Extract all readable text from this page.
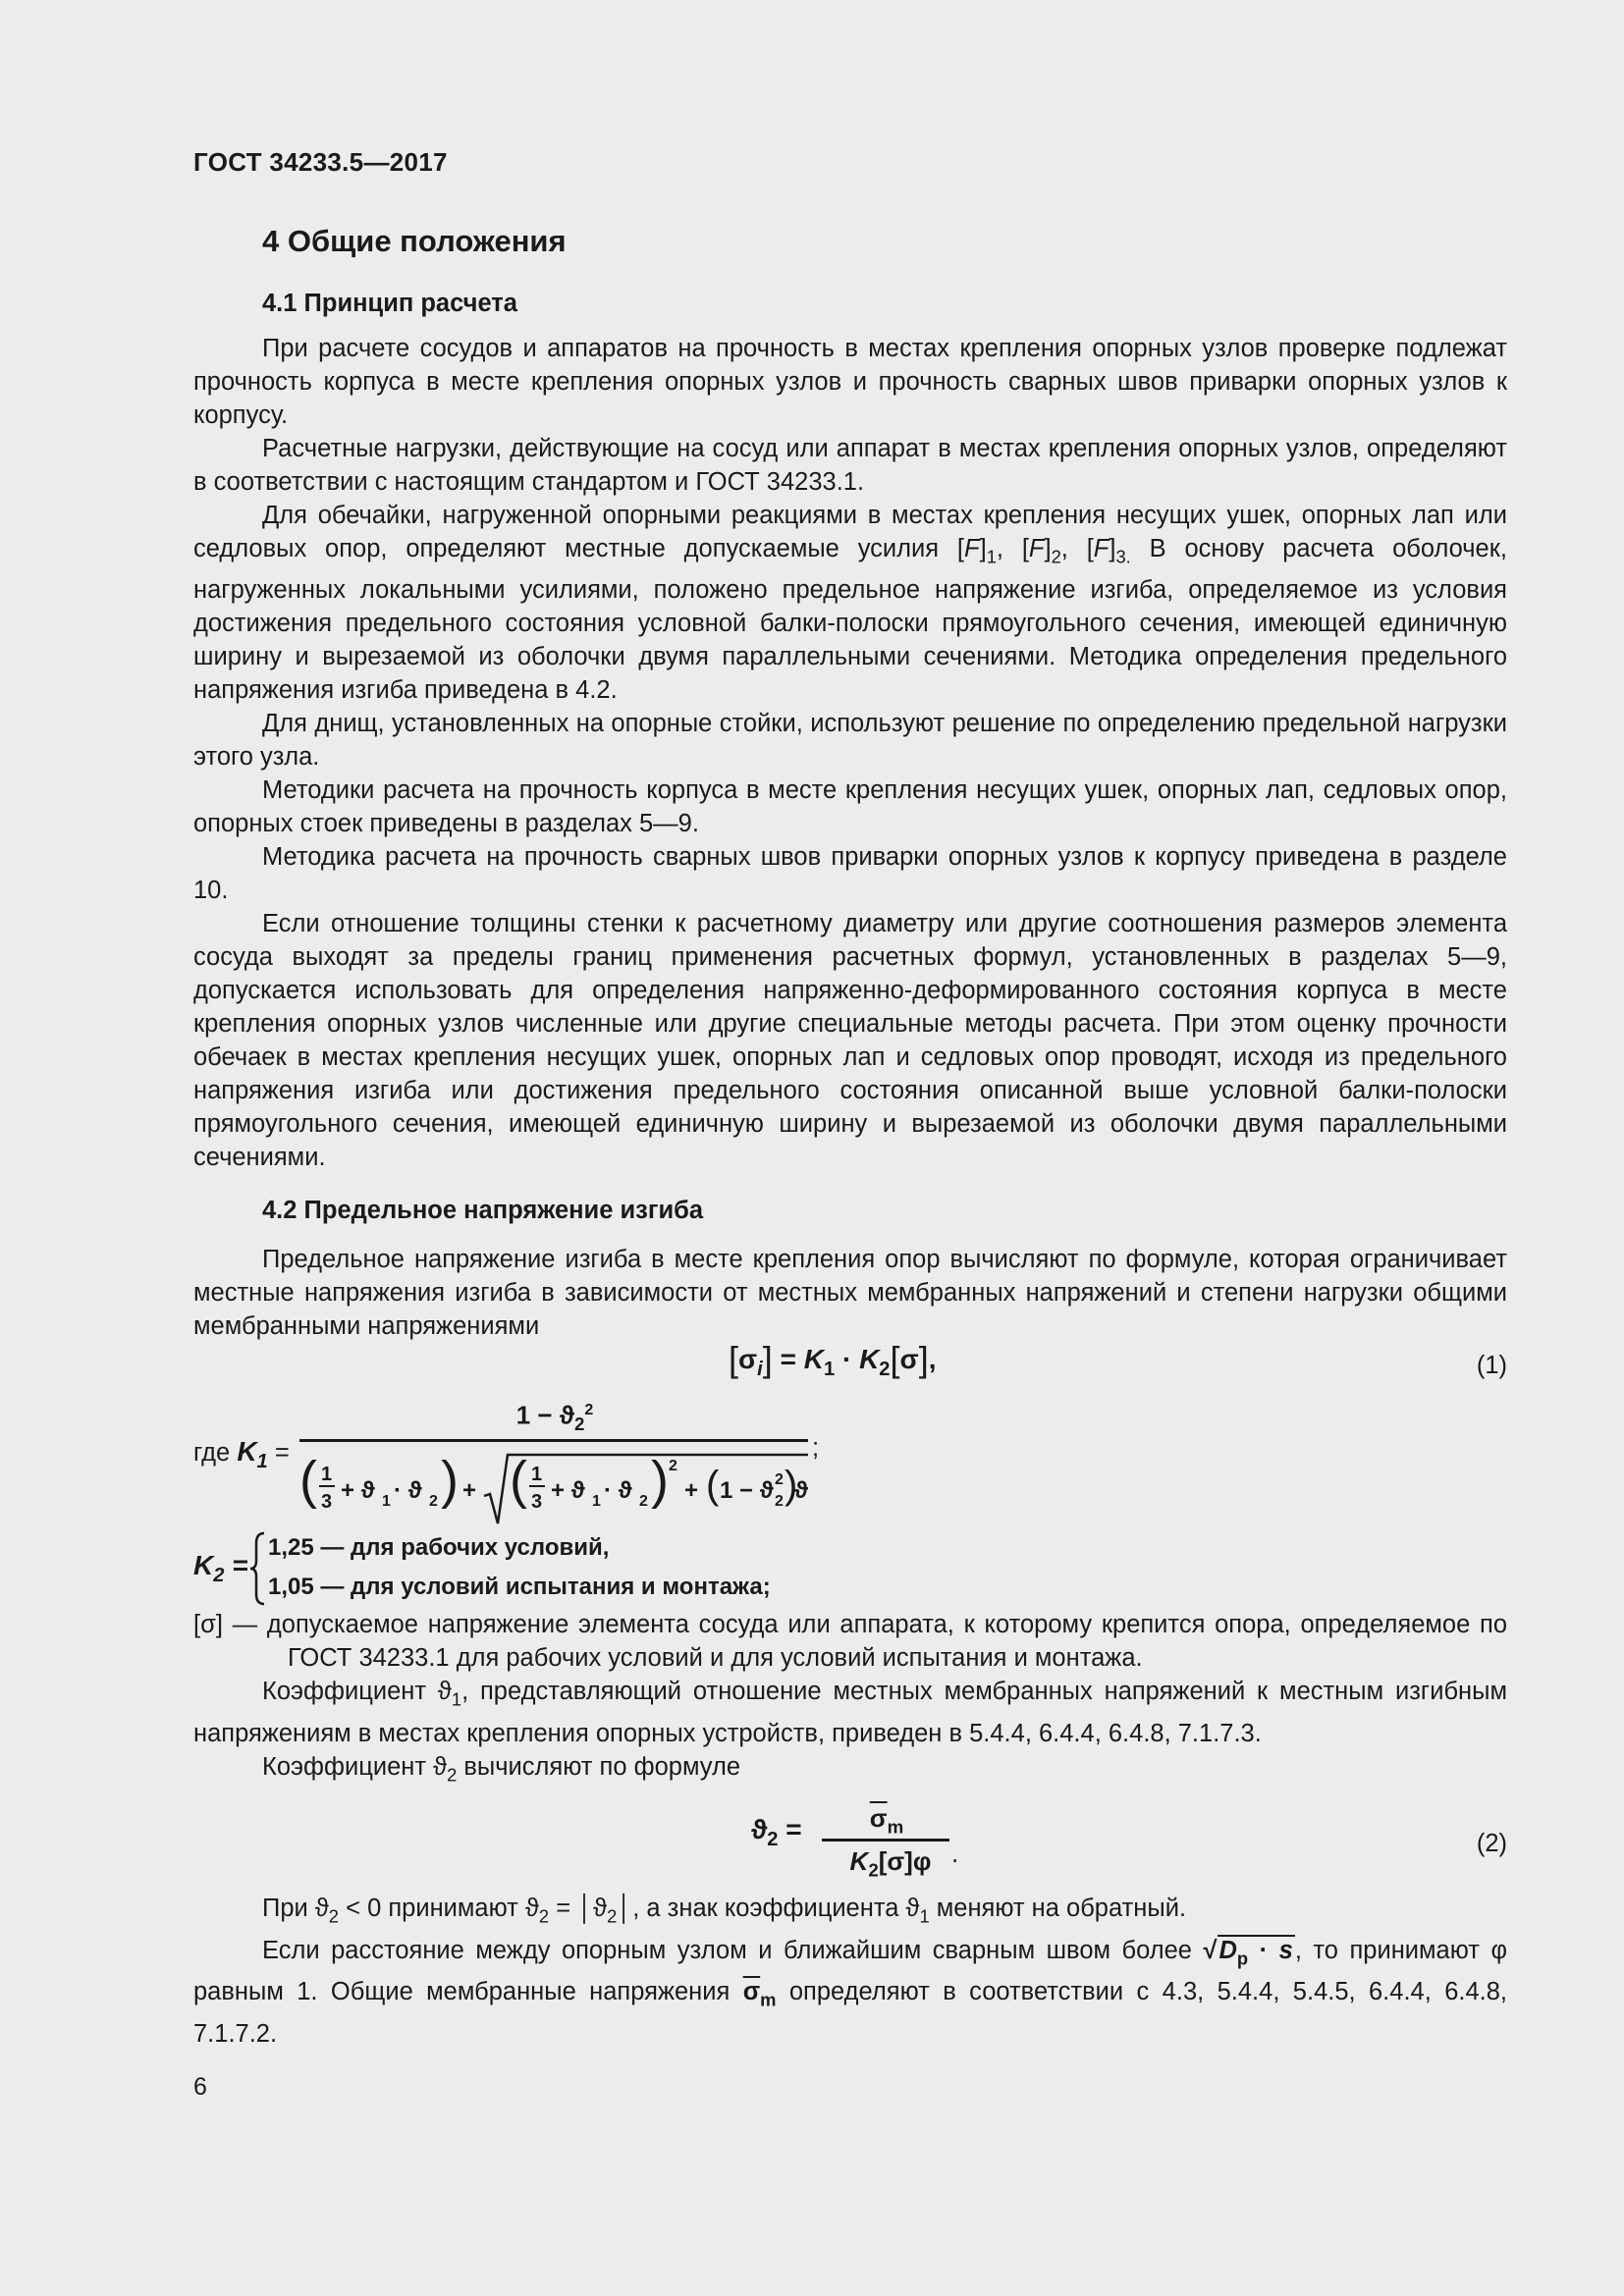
ГОСТ 34233.5—2017
4 Общие положения
4.1 Принцип расчета

При расчете сосудов и аппаратов на прочность в местах крепления опорных узлов проверке подлежат прочность корпуса в месте крепления опорных узлов и прочность сварных швов приварки опорных узлов к корпусу.

Расчетные нагрузки, действующие на сосуд или аппарат в местах крепления опорных узлов, определяют в соответствии с настоящим стандартом и ГОСТ 34233.1.

Для обечайки, нагруженной опорными реакциями в местах крепления несущих ушек, опорных лап или седловых опор, определяют местные допускаемые усилия $[F]_1$, $[F]_2$, $[F]_{3.}$ В основу расчета оболочек, нагруженных локальными усилиями, положено предельное напряжение изгиба, определяемое из условия достижения предельного состояния условной балки-полоски прямоугольного сечения, имеющей единичную ширину и вырезаемой из оболочки двумя параллельными сечениями. Методика определения предельного напряжения изгиба приведена в 4.2.

Для днищ, установленных на опорные стойки, используют решение по определению предельной нагрузки этого узла.

Методики расчета на прочность корпуса в месте крепления несущих ушек, опорных лап, седловых опор, опорных стоек приведены в разделах 5—9.

Методика расчета на прочность сварных швов приварки опорных узлов к корпусу приведена в разделе 10.

Если отношение толщины стенки к расчетному диаметру или другие соотношения размеров элемента сосуда выходят за пределы границ применения расчетных формул, установленных в разделах 5—9, допускается использовать для определения напряженно-деформированного состояния корпуса в месте крепления опорных узлов численные или другие специальные методы расчета. При этом оценку прочности обечаек в местах крепления несущих ушек, опорных лап и седловых опор проводят, исходя из предельного напряжения изгиба или достижения предельного состояния описанной выше условной балки-полоски прямоугольного сечения, имеющей единичную ширину и вырезаемой из оболочки двумя параллельными сечениями.

4.2 Предельное напряжение изгиба

Предельное напряжение изгиба в месте крепления опор вычисляют по формуле, которая ограничивает местные напряжения изгиба в зависимости от местных мембранных напряжений и степени нагрузки общими мембранными напряжениями

$[\sigma_i] = K_1 \cdot K_2[\sigma]$,	(1)
где $K_1$ =
$1 - ϑ_2^2$
( 1
3 + ϑ 1 · ϑ 2 ) + ( 1
3 + ϑ 1 · ϑ 2 ) 2
+ ( 1 − ϑ 2
2 )
ϑ
;
$K_2$ =
1,25 — для рабочих условий,
1,05 — для условий испытания и монтажа;

[σ] — допускаемое напряжение элемента сосуда или аппарата, к которому крепится опора, определяемое по ГОСТ 34233.1 для рабочих условий и для условий испытания и монтажа.

Коэффициент $ϑ_1$, представляющий отношение местных мембранных напряжений к местным изгибным напряжениям в местах крепления опорных устройств, приведен в 5.4.4, 6.4.4, 6.4.8, 7.1.7.3.

Коэффициент $ϑ_2$ вычисляют по формуле

$ϑ_2$ =	$\overline{\sigma}_m$
$K_2[\sigma]\varphi$ .	(2)

При $ϑ_2 < 0$ принимают $ϑ_2$ = $│ϑ_2│$, а знак коэффициента $ϑ_1$ меняют на обратный.

Если расстояние между опорным узлом и ближайшим сварным швом более $√D_p \cdot s$, то принимают φ равным 1. Общие мембранные напряжения $\overline{\sigma}_m$ определяют в соответствии с 4.3, 5.4.4, 5.4.5, 6.4.4, 6.4.8, 7.1.7.2.

6
